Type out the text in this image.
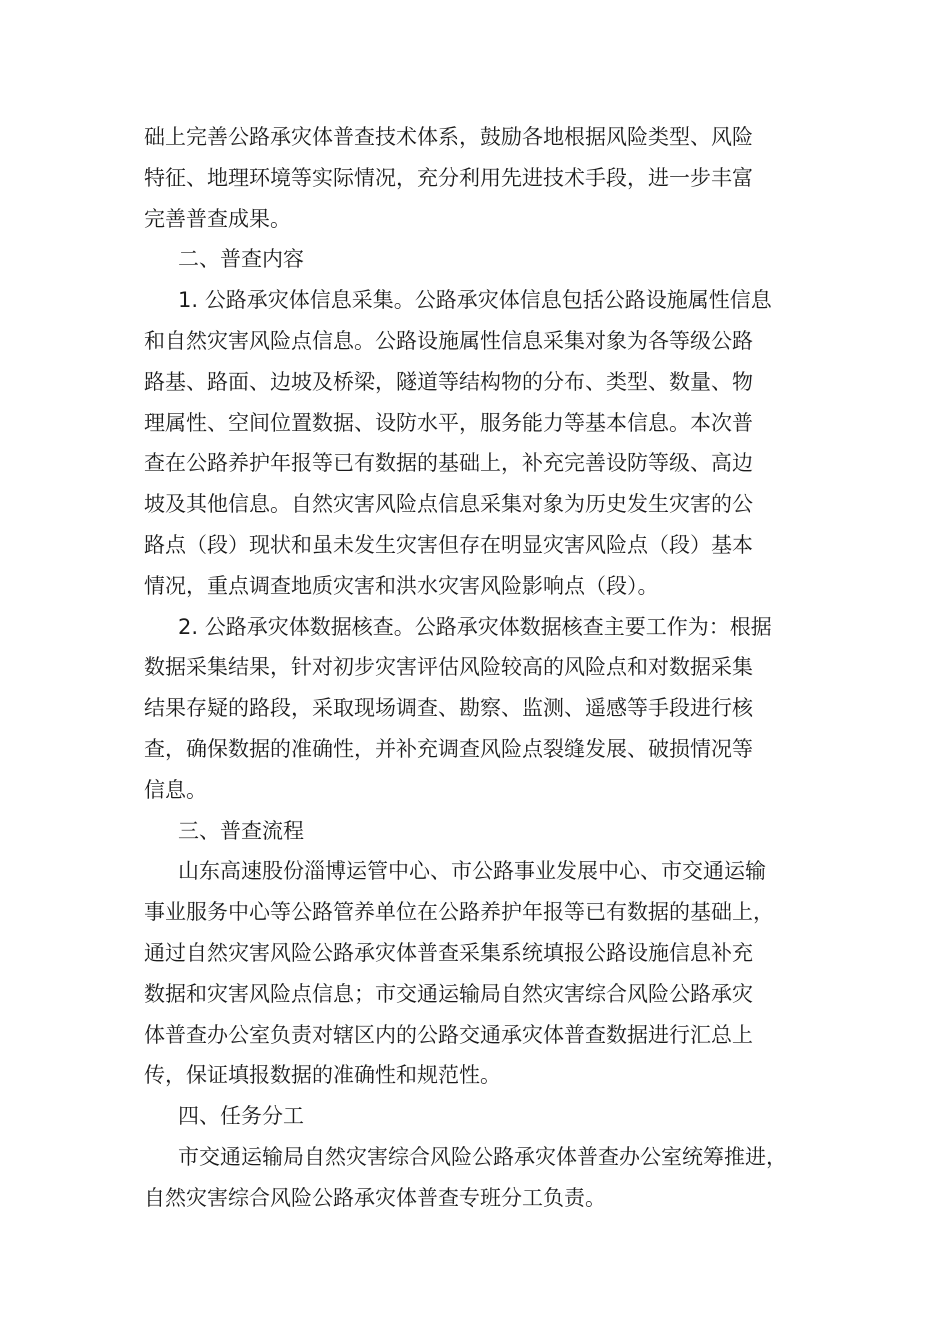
础上完善公路承灾体普查技术体系，鼓励各地根据风险类型、风险
特征、地理环境等实际情况，充分利用先进技术手段，进一步丰富
完善普查成果。
二、普查内容
1. 公路承灾体信息采集。公路承灾体信息包括公路设施属性信息
和自然灾害风险点信息。公路设施属性信息采集对象为各等级公路
路基、路面、边坡及桥梁，隧道等结构物的分布、类型、数量、物
理属性、空间位置数据、设防水平，服务能力等基本信息。本次普
查在公路养护年报等已有数据的基础上，补充完善设防等级、高边
坡及其他信息。自然灾害风险点信息采集对象为历史发生灾害的公
路点（段）现状和虽未发生灾害但存在明显灾害风险点（段）基本
情况，重点调查地质灾害和洪水灾害风险影响点（段）。
2. 公路承灾体数据核查。公路承灾体数据核查主要工作为：根据
数据采集结果，针对初步灾害评估风险较高的风险点和对数据采集
结果存疑的路段，采取现场调查、勘察、监测、遥感等手段进行核
查，确保数据的准确性，并补充调查风险点裂缝发展、破损情况等
信息。
三、普查流程
山东高速股份淄博运管中心、市公路事业发展中心、市交通运输
事业服务中心等公路管养单位在公路养护年报等已有数据的基础上，
通过自然灾害风险公路承灾体普查采集系统填报公路设施信息补充
数据和灾害风险点信息；市交通运输局自然灾害综合风险公路承灾
体普查办公室负责对辖区内的公路交通承灾体普查数据进行汇总上
传，保证填报数据的准确性和规范性。
四、任务分工
市交通运输局自然灾害综合风险公路承灾体普查办公室统筹推进，
自然灾害综合风险公路承灾体普查专班分工负责。
